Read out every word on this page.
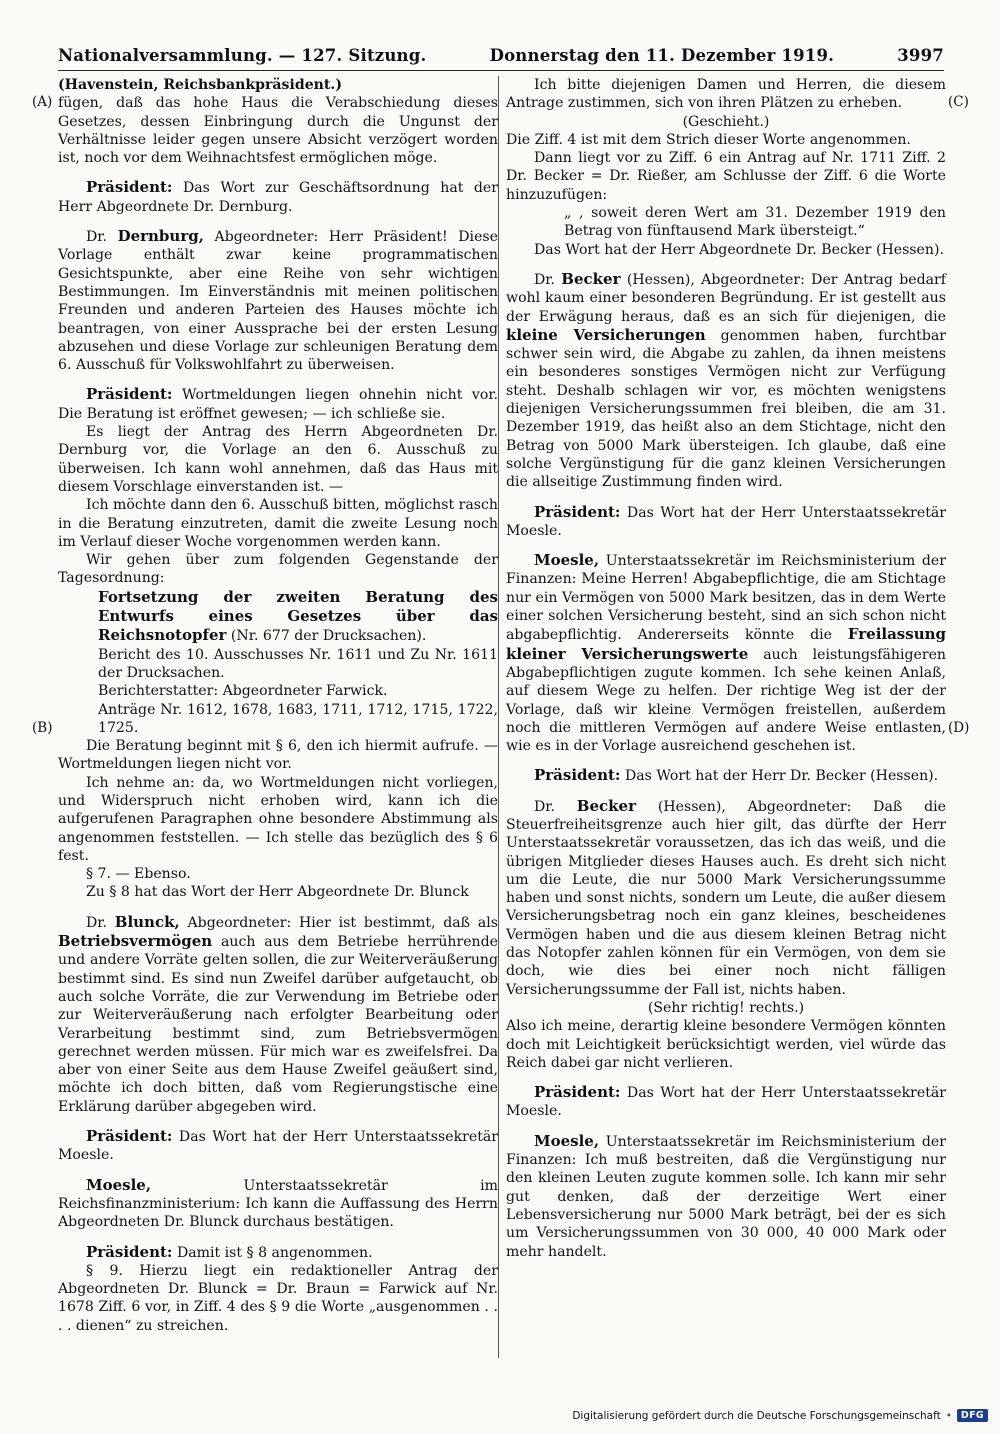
Nationalversammlung. — 127. Sitzung.	Donnerstag den 11. Dezember 1919.	3997
(A)
(B)
(C)
(D)

(Havenstein, Reichsbankpräsident.)

fügen, daß das hohe Haus die Verabschiedung dieses Gesetzes, dessen Einbringung durch die Ungunst der Verhältnisse leider gegen unsere Absicht verzögert worden ist, noch vor dem Weihnachtsfest ermöglichen möge.

Präsident: Das Wort zur Geschäftsordnung hat der Herr Abgeordnete Dr. Dernburg.

Dr. Dernburg, Abgeordneter: Herr Präsident! Diese Vorlage enthält zwar keine programmatischen Gesichtspunkte, aber eine Reihe von sehr wichtigen Bestimmungen. Im Einverständnis mit meinen politischen Freunden und anderen Parteien des Hauses möchte ich beantragen, von einer Aussprache bei der ersten Lesung abzusehen und diese Vorlage zur schleunigen Beratung dem 6. Ausschuß für Volkswohlfahrt zu überweisen.

Präsident: Wortmeldungen liegen ohnehin nicht vor. Die Beratung ist eröffnet gewesen; — ich schließe sie.

Es liegt der Antrag des Herrn Abgeordneten Dr. Dernburg vor, die Vorlage an den 6. Ausschuß zu überweisen. Ich kann wohl annehmen, daß das Haus mit diesem Vorschlage einverstanden ist. —

Ich möchte dann den 6. Ausschuß bitten, möglichst rasch in die Beratung einzutreten, damit die zweite Lesung noch im Verlauf dieser Woche vorgenommen werden kann.

Wir gehen über zum folgenden Gegenstande der Tagesordnung:

Fortsetzung der zweiten Beratung des Entwurfs eines Gesetzes über das Reichsnotopfer (Nr. 677 der Drucksachen).

Bericht des 10. Ausschusses Nr. 1611 und Zu Nr. 1611 der Drucksachen.

Berichterstatter: Abgeordneter Farwick.

Anträge Nr. 1612, 1678, 1683, 1711, 1712, 1715, 1722, 1725.

Die Beratung beginnt mit § 6, den ich hiermit aufrufe. — Wortmeldungen liegen nicht vor.

Ich nehme an: da, wo Wortmeldungen nicht vorliegen, und Widerspruch nicht erhoben wird, kann ich die aufgerufenen Paragraphen ohne besondere Abstimmung als angenommen feststellen. — Ich stelle das bezüglich des § 6 fest.

§ 7. — Ebenso.

Zu § 8 hat das Wort der Herr Abgeordnete Dr. Blunck

Dr. Blunck, Abgeordneter: Hier ist bestimmt, daß als Betriebsvermögen auch aus dem Betriebe herrührende und andere Vorräte gelten sollen, die zur Weiterveräußerung bestimmt sind. Es sind nun Zweifel darüber aufgetaucht, ob auch solche Vorräte, die zur Verwendung im Betriebe oder zur Weiterveräußerung nach erfolgter Bearbeitung oder Verarbeitung bestimmt sind, zum Betriebsvermögen gerechnet werden müssen. Für mich war es zweifelsfrei. Da aber von einer Seite aus dem Hause Zweifel geäußert sind, möchte ich doch bitten, daß vom Regierungstische eine Erklärung darüber abgegeben wird.

Präsident: Das Wort hat der Herr Unterstaatssekretär Moesle.

Moesle,	Unterstaatssekretär im Reichsfinanzministerium: Ich kann die Auffassung des Herrn Abgeordneten Dr. Blunck durchaus bestätigen.

Präsident: Damit ist § 8 angenommen.

§ 9. Hierzu liegt ein redaktioneller Antrag der Abgeordneten Dr. Blunck = Dr. Braun = Farwick auf Nr. 1678 Ziff. 6 vor, in Ziff. 4 des § 9 die Worte „ausgenommen . . . . dienen“ zu streichen.

Ich bitte diejenigen Damen und Herren, die diesem Antrage zustimmen, sich von ihren Plätzen zu erheben.

(Geschieht.)

Die Ziff. 4 ist mit dem Strich dieser Worte angenommen.

Dann liegt vor zu Ziff. 6 ein Antrag auf Nr. 1711 Ziff. 2 Dr. Becker = Dr. Rießer, am Schlusse der Ziff. 6 die Worte hinzuzufügen:

„ , soweit deren Wert am 31. Dezember 1919 den Betrag von fünftausend Mark übersteigt.“

Das Wort hat der Herr Abgeordnete Dr. Becker (Hessen).

Dr. Becker (Hessen), Abgeordneter: Der Antrag bedarf wohl kaum einer besonderen Begründung. Er ist gestellt aus der Erwägung heraus, daß es an sich für diejenigen, die kleine Versicherungen genommen haben, furchtbar schwer sein wird, die Abgabe zu zahlen, da ihnen meistens ein besonderes sonstiges Vermögen nicht zur Verfügung steht. Deshalb schlagen wir vor, es möchten wenigstens diejenigen Versicherungssummen frei bleiben, die am 31. Dezember 1919, das heißt also an dem Stichtage, nicht den Betrag von 5000 Mark übersteigen. Ich glaube, daß eine solche Vergünstigung für die ganz kleinen Versicherungen die allseitige Zustimmung finden wird.

Präsident: Das Wort hat der Herr Unterstaatssekretär Moesle.

Moesle, Unterstaatssekretär im Reichsministerium der Finanzen: Meine Herren! Abgabepflichtige, die am Stichtage nur ein Vermögen von 5000 Mark besitzen, das in dem Werte einer solchen Versicherung besteht, sind an sich schon nicht abgabepflichtig. Andererseits könnte die Freilassung kleiner Versicherungswerte auch leistungsfähigeren Abgabepflichtigen zugute kommen. Ich sehe keinen Anlaß, auf diesem Wege zu helfen. Der richtige Weg ist der der Vorlage, daß wir kleine Vermögen freistellen, außerdem noch die mittleren Vermögen auf andere Weise entlasten, wie es in der Vorlage ausreichend geschehen ist.

Präsident: Das Wort hat der Herr Dr. Becker (Hessen).

Dr. Becker (Hessen), Abgeordneter: Daß die Steuerfreiheitsgrenze auch hier gilt, das dürfte der Herr Unterstaatssekretär voraussetzen, das ich das weiß, und die übrigen Mitglieder dieses Hauses auch. Es dreht sich nicht um die Leute, die nur 5000 Mark Versicherungssumme haben und sonst nichts, sondern um Leute, die außer diesem Versicherungsbetrag noch ein ganz kleines, bescheidenes Vermögen haben und die aus diesem kleinen Betrag nicht das Notopfer zahlen können für ein Vermögen, von dem sie doch, wie dies bei einer noch nicht fälligen Versicherungssumme der Fall ist, nichts haben.

(Sehr richtig! rechts.)

Also ich meine, derartig kleine besondere Vermögen könnten doch mit Leichtigkeit berücksichtigt werden, viel würde das Reich dabei gar nicht verlieren.

Präsident: Das Wort hat der Herr Unterstaatssekretär Moesle.

Moesle, Unterstaatssekretär im Reichsministerium der Finanzen: Ich muß bestreiten, daß die Vergünstigung nur den kleinen Leuten zugute kommen solle. Ich kann mir sehr gut denken, daß der derzeitige Wert einer Lebensversicherung nur 5000 Mark beträgt, bei der es sich um Versicherungssummen von 30 000, 40 000 Mark oder mehr handelt.

Digitalisierung gefördert durch die Deutsche Forschungsgemeinschaft • DFG
